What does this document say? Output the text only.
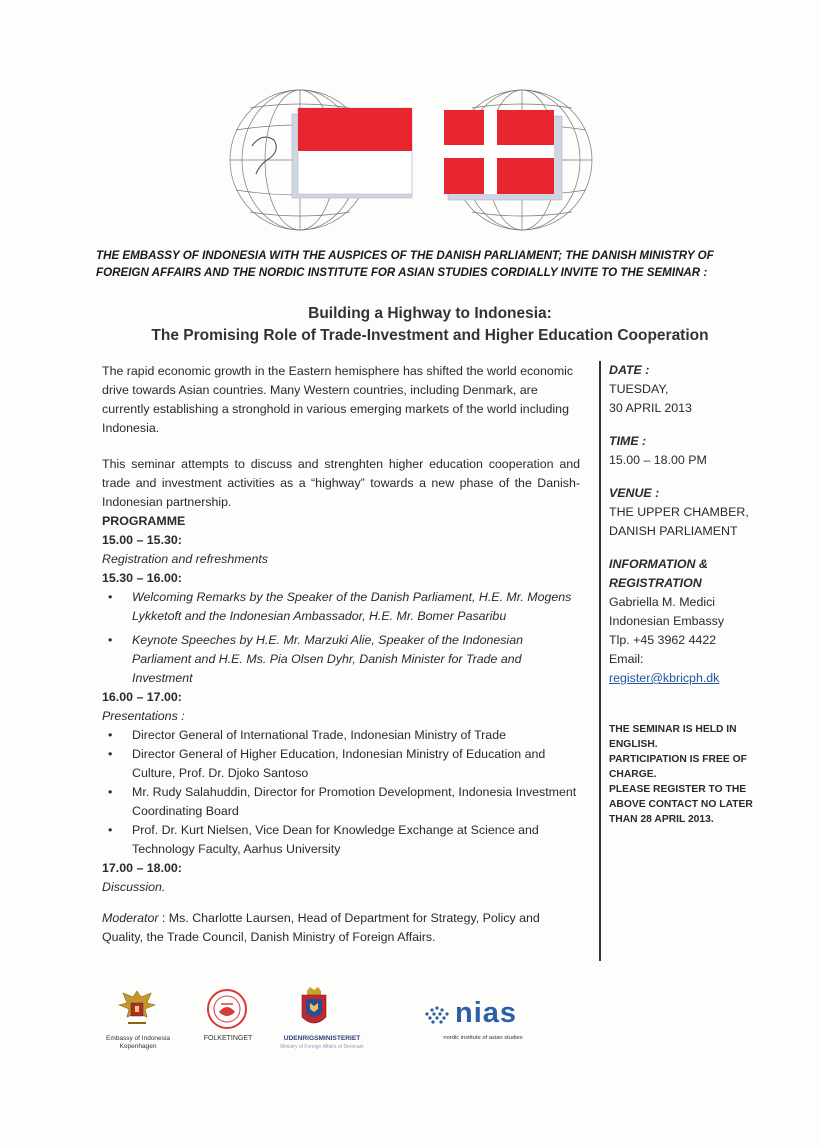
THE EMBASSY OF INDONESIA WITH THE AUSPICES OF THE DANISH PARLIAMENT; THE DANISH MINISTRY OF FOREIGN AFFAIRS AND THE NORDIC INSTITUTE FOR ASIAN STUDIES CORDIALLY INVITE TO THE SEMINAR :

Building a Highway to Indonesia:
The Promising Role of Trade-Investment and Higher Education Cooperation

The rapid economic growth in the Eastern hemisphere has shifted the world economic drive towards Asian countries. Many Western countries, including Denmark, are currently establishing a stronghold in various emerging markets of the world including Indonesia.

This seminar attempts to discuss and strenghten higher education cooperation and trade and investment activities as a “highway” towards a new phase of the Danish-Indonesian partnership.

PROGRAMME

15.00 – 15.30:

Registration and refreshments

15.30 – 16.00:

• Welcoming Remarks by the Speaker of the Danish Parliament, H.E. Mr. Mogens Lykketoft and the Indonesian Ambassador, H.E. Mr. Bomer Pasaribu
• Keynote Speeches by H.E. Mr. Marzuki Alie, Speaker of the Indonesian Parliament and H.E. Ms. Pia Olsen Dyhr, Danish Minister for Trade and Investment

16.00 – 17.00:

Presentations :

• Director General of International Trade, Indonesian Ministry of Trade
• Director General of Higher Education, Indonesian Ministry of Education and Culture, Prof. Dr. Djoko Santoso
• Mr. Rudy Salahuddin, Director for Promotion Development, Indonesia Investment Coordinating Board
• Prof. Dr. Kurt Nielsen, Vice Dean for Knowledge Exchange at Science and Technology Faculty, Aarhus University

17.00 – 18.00:

Discussion.

Moderator : Ms. Charlotte Laursen, Head of Department for Strategy, Policy and Quality, the Trade Council, Danish Ministry of Foreign Affairs.

DATE :
TUESDAY,
30 APRIL 2013
TIME :
15.00 – 18.00 PM
VENUE :
THE UPPER CHAMBER,
DANISH PARLIAMENT
INFORMATION &
REGISTRATION
Gabriella M. Medici
Indonesian Embassy
Tlp. +45 3962 4422
Email:
register@kbricph.dk
THE SEMINAR IS HELD IN
ENGLISH.
PARTICIPATION IS FREE OF
CHARGE.
PLEASE REGISTER TO THE
ABOVE CONTACT NO LATER
THAN 28 APRIL 2013.
Embassy of Indonesia
Kopenhagen
FOLKETINGET	UDENRIGSMINISTERIET
Ministry of Foreign Affairs of Denmark
nias
nordic institute of asian studies
